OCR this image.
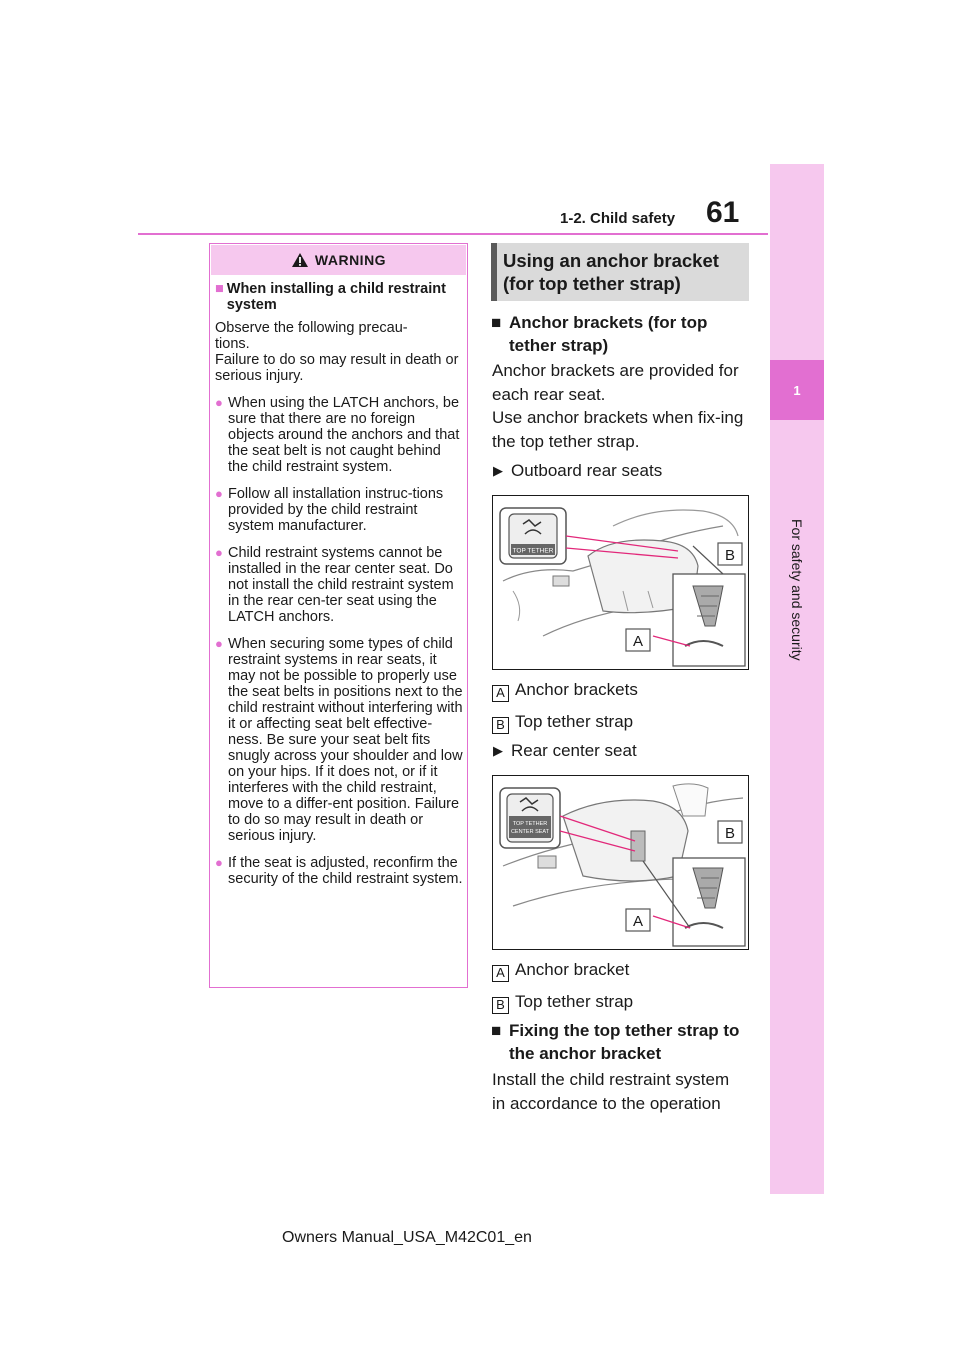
1-2. Child safety 61
1
For safety and security
WARNING
■ When installing a child restraint system

Observe the following precau-
tions.
Failure to do so may result in death or serious injury.

● When using the LATCH anchors, be sure that there are no foreign objects around the anchors and that the seat belt is not caught behind the child restraint system.
● Follow all installation instruc-tions provided by the child restraint system manufacturer.
● Child restraint systems cannot be installed in the rear center seat. Do not install the child restraint system in the rear cen-ter seat using the LATCH anchors.
● When securing some types of child restraint systems in rear seats, it may not be possible to properly use the seat belts in positions next to the child restraint without interfering with it or affecting seat belt effective-ness. Be sure your seat belt fits snugly across your shoulder and low on your hips. If it does not, or if it interferes with the child restraint, move to a differ-ent position. Failure to do so may result in death or serious injury.
● If the seat is adjusted, reconfirm the security of the child restraint system.
Using an anchor bracket (for top tether strap)
■ Anchor brackets (for top tether strap)
Anchor brackets are provided for each rear seat.
Use anchor brackets when fix-ing the top tether strap.
▶ Outboard rear seats
TOP TETHER	B
A
A Anchor brackets
B Top tether strap
▶ Rear center seat
TOP TETHER
CENTER SEAT	B
A
A Anchor bracket
B Top tether strap
■ Fixing the top tether strap to the anchor bracket
Install the child restraint system in accordance to the operation
Owners Manual_USA_M42C01_en
